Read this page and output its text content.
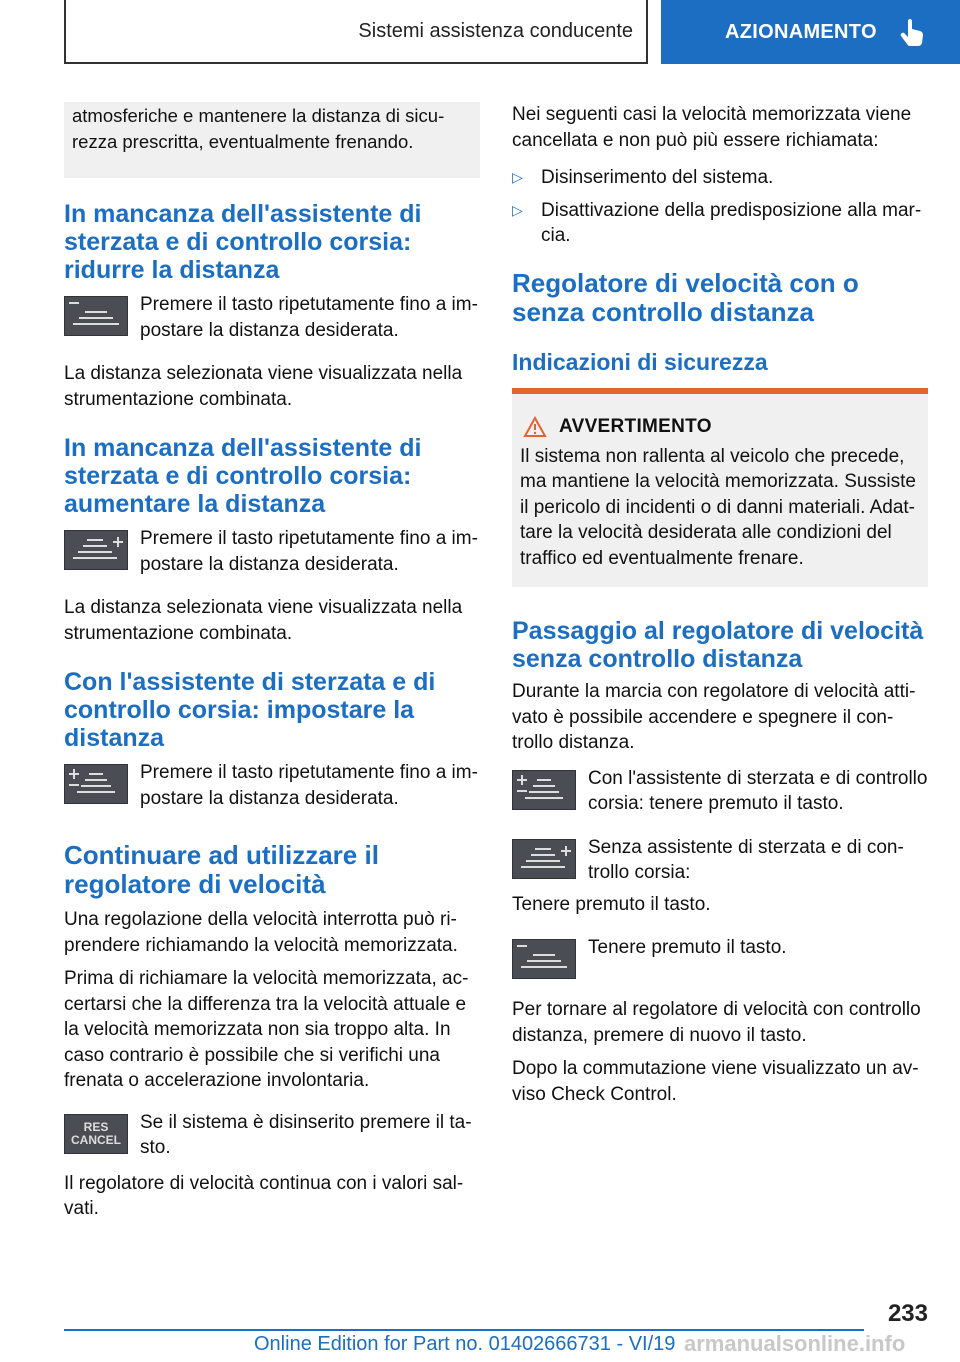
Sistemi assistenza conducente	AZIONAMENTO

atmosferiche e mantenere la distanza di sicu-rezza prescritta, eventualmente frenando.

In mancanza dell'assistente di sterzata e di controllo corsia: ridurre la distanza

Premere il tasto ripetutamente fino a im-postare la distanza desiderata.

La distanza selezionata viene visualizzata nella strumentazione combinata.

In mancanza dell'assistente di sterzata e di controllo corsia: aumentare la distanza

Premere il tasto ripetutamente fino a im-postare la distanza desiderata.

La distanza selezionata viene visualizzata nella strumentazione combinata.

Con l'assistente di sterzata e di controllo corsia: impostare la distanza

Premere il tasto ripetutamente fino a im-postare la distanza desiderata.

Continuare ad utilizzare il regolatore di velocità

Una regolazione della velocità interrotta può ri-prendere richiamando la velocità memorizzata.

Prima di richiamare la velocità memorizzata, ac-certarsi che la differenza tra la velocità attuale e la velocità memorizzata non sia troppo alta. In caso contrario è possibile che si verifichi una frenata o accelerazione involontaria.

RES
CANCEL

Se il sistema è disinserito premere il ta-sto.

Il regolatore di velocità continua con i valori sal-vati.

Nei seguenti casi la velocità memorizzata viene cancellata e non può più essere richiamata:

▷ Disinserimento del sistema.

▷ Disattivazione della predisposizione alla mar-cia.

Regolatore di velocità con o senza controllo distanza
Indicazioni di sicurezza
AVVERTIMENTO

Il sistema non rallenta al veicolo che precede, ma mantiene la velocità memorizzata. Sussiste il pericolo di incidenti o di danni materiali. Adat-tare la velocità desiderata alle condizioni del traffico ed eventualmente frenare.

Passaggio al regolatore di velocità senza controllo distanza

Durante la marcia con regolatore di velocità atti-vato è possibile accendere e spegnere il con-trollo distanza.

Con l'assistente di sterzata e di controllo corsia: tenere premuto il tasto.

Senza assistente di sterzata e di con-trollo corsia:

Tenere premuto il tasto.

Tenere premuto il tasto.

Per tornare al regolatore di velocità con controllo distanza, premere di nuovo il tasto.

Dopo la commutazione viene visualizzato un av-viso Check Control.

233
Online Edition for Part no. 01402666731 - VI/19 armanualsonline.info
